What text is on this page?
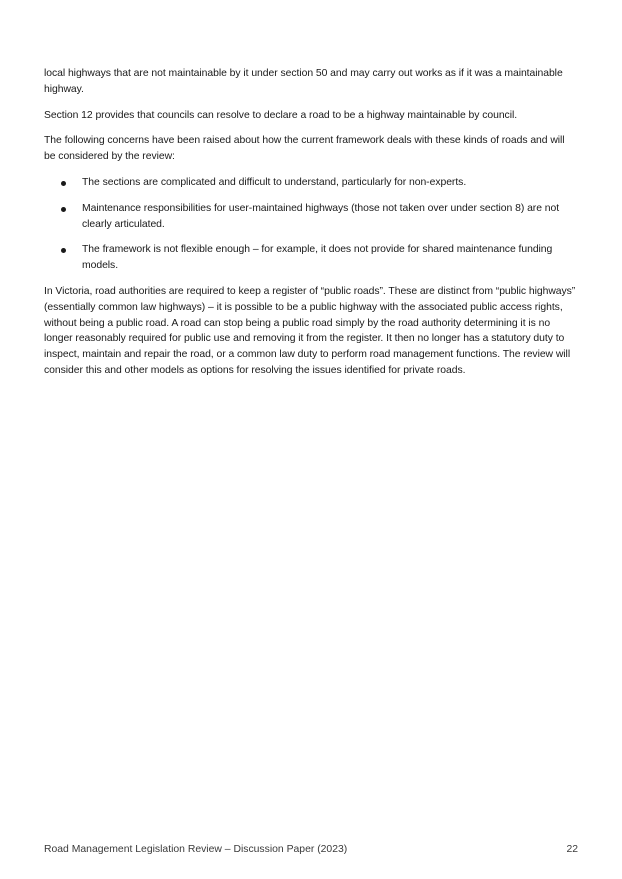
local highways that are not maintainable by it under section 50 and may carry out works as if it was a maintainable highway.

Section 12 provides that councils can resolve to declare a road to be a highway maintainable by council.

The following concerns have been raised about how the current framework deals with these kinds of roads and will be considered by the review:

The sections are complicated and difficult to understand, particularly for non-experts.
Maintenance responsibilities for user-maintained highways (those not taken over under section 8) are not clearly articulated.
The framework is not flexible enough – for example, it does not provide for shared maintenance funding models.

In Victoria, road authorities are required to keep a register of “public roads”. These are distinct from “public highways” (essentially common law highways) – it is possible to be a public highway with the associated public access rights, without being a public road. A road can stop being a public road simply by the road authority determining it is no longer reasonably required for public use and removing it from the register. It then no longer has a statutory duty to inspect, maintain and repair the road, or a common law duty to perform road management functions. The review will consider this and other models as options for resolving the issues identified for private roads.

Road Management Legislation Review – Discussion Paper (2023)	22
